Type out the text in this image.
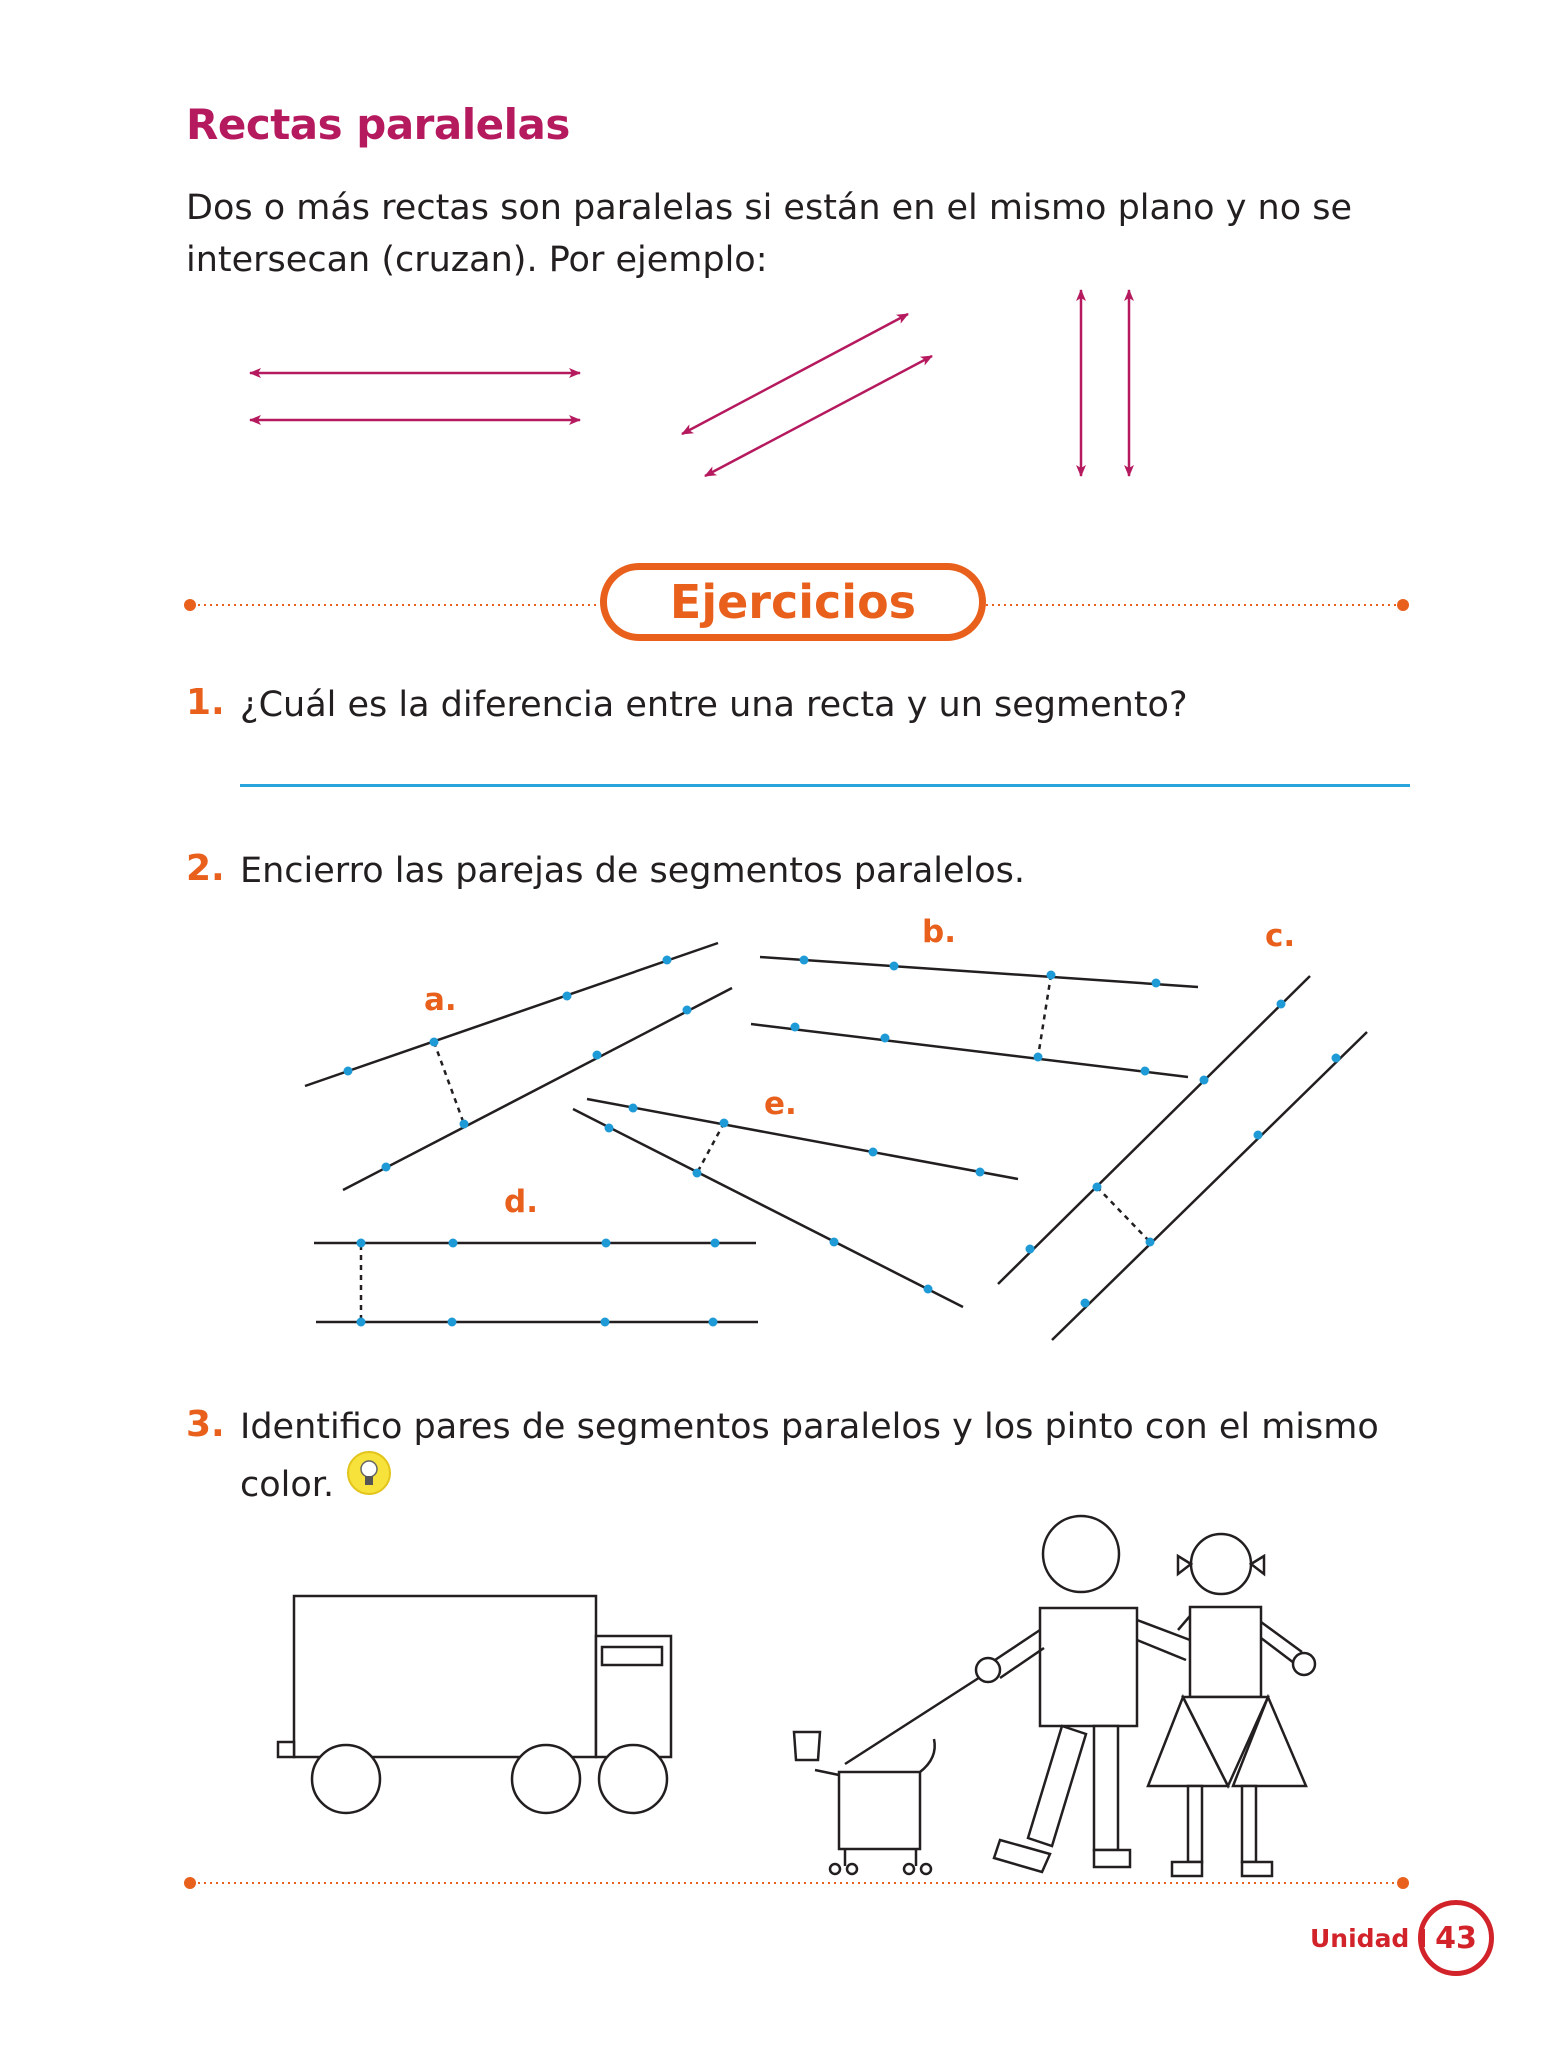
Rectas paralelas
Dos o más rectas son paralelas si están en el mismo plano y no se intersecan (cruzan). Por ejemplo:
Ejercicios
1. ¿Cuál es la diferencia entre una recta y un segmento?
2. Encierro las parejas de segmentos paralelos.
a.
b.	c.
d.
e.
3. Identifico pares de segmentos paralelos y los pinto con el mismo
color.
Unidad I 43
